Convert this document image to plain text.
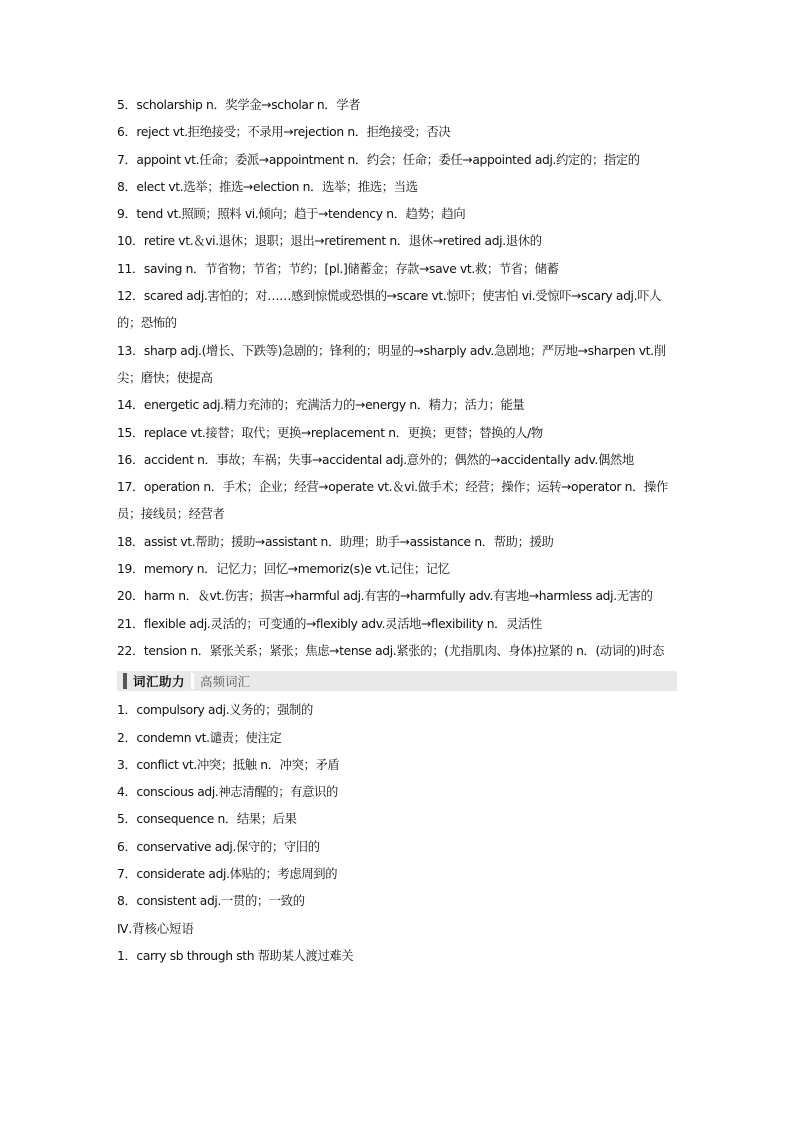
5．scholarship n．奖学金→scholar n．学者
6．reject vt.拒绝接受；不录用→rejection n．拒绝接受；否决
7．appoint vt.任命；委派→appointment n．约会；任命；委任→appointed adj.约定的；指定的
8．elect vt.选举；推选→election n．选举；推选；当选
9．tend vt.照顾；照料 vi.倾向；趋于→tendency n．趋势；趋向
10．retire vt.＆vi.退休；退职；退出→retirement n．退休→retired adj.退休的
11．saving n．节省物；节省；节约；[pl.]储蓄金；存款→save vt.救；节省；储蓄
12．scared adj.害怕的；对……感到惊慌或恐惧的→scare vt.惊吓；使害怕 vi.受惊吓→scary adj.吓人的；恐怖的
13．sharp adj.(增长、下跌等)急剧的；锋利的；明显的→sharply adv.急剧地；严厉地→sharpen vt.削尖；磨快；使提高
14．energetic adj.精力充沛的；充满活力的→energy n．精力；活力；能量
15．replace vt.接替；取代；更换→replacement n．更换；更替；替换的人/物
16．accident n．事故；车祸；失事→accidental adj.意外的；偶然的→accidentally adv.偶然地
17．operation n．手术；企业；经营→operate vt.＆vi.做手术；经营；操作；运转→operator n．操作员；接线员；经营者
18．assist vt.帮助；援助→assistant n．助理；助手→assistance n．帮助；援助
19．memory n．记忆力；回忆→memoriz(s)e vt.记住；记忆
20．harm n．＆vt.伤害；损害→harmful adj.有害的→harmfully adv.有害地→harmless adj.无害的
21．flexible adj.灵活的；可变通的→flexibly adv.灵活地→flexibility n．灵活性
22．tension n．紧张关系；紧张；焦虑→tense adj.紧张的；(尤指肌肉、身体)拉紧的 n．(动词的)时态
词汇助力 高频词汇
1．compulsory adj.义务的；强制的
2．condemn vt.谴责；使注定
3．conflict vt.冲突；抵触 n．冲突；矛盾
4．conscious adj.神志清醒的；有意识的
5．consequence n．结果；后果
6．conservative adj.保守的；守旧的
7．considerate adj.体贴的；考虑周到的
8．consistent adj.一贯的；一致的
Ⅳ.背核心短语
1．carry sb through sth 帮助某人渡过难关
